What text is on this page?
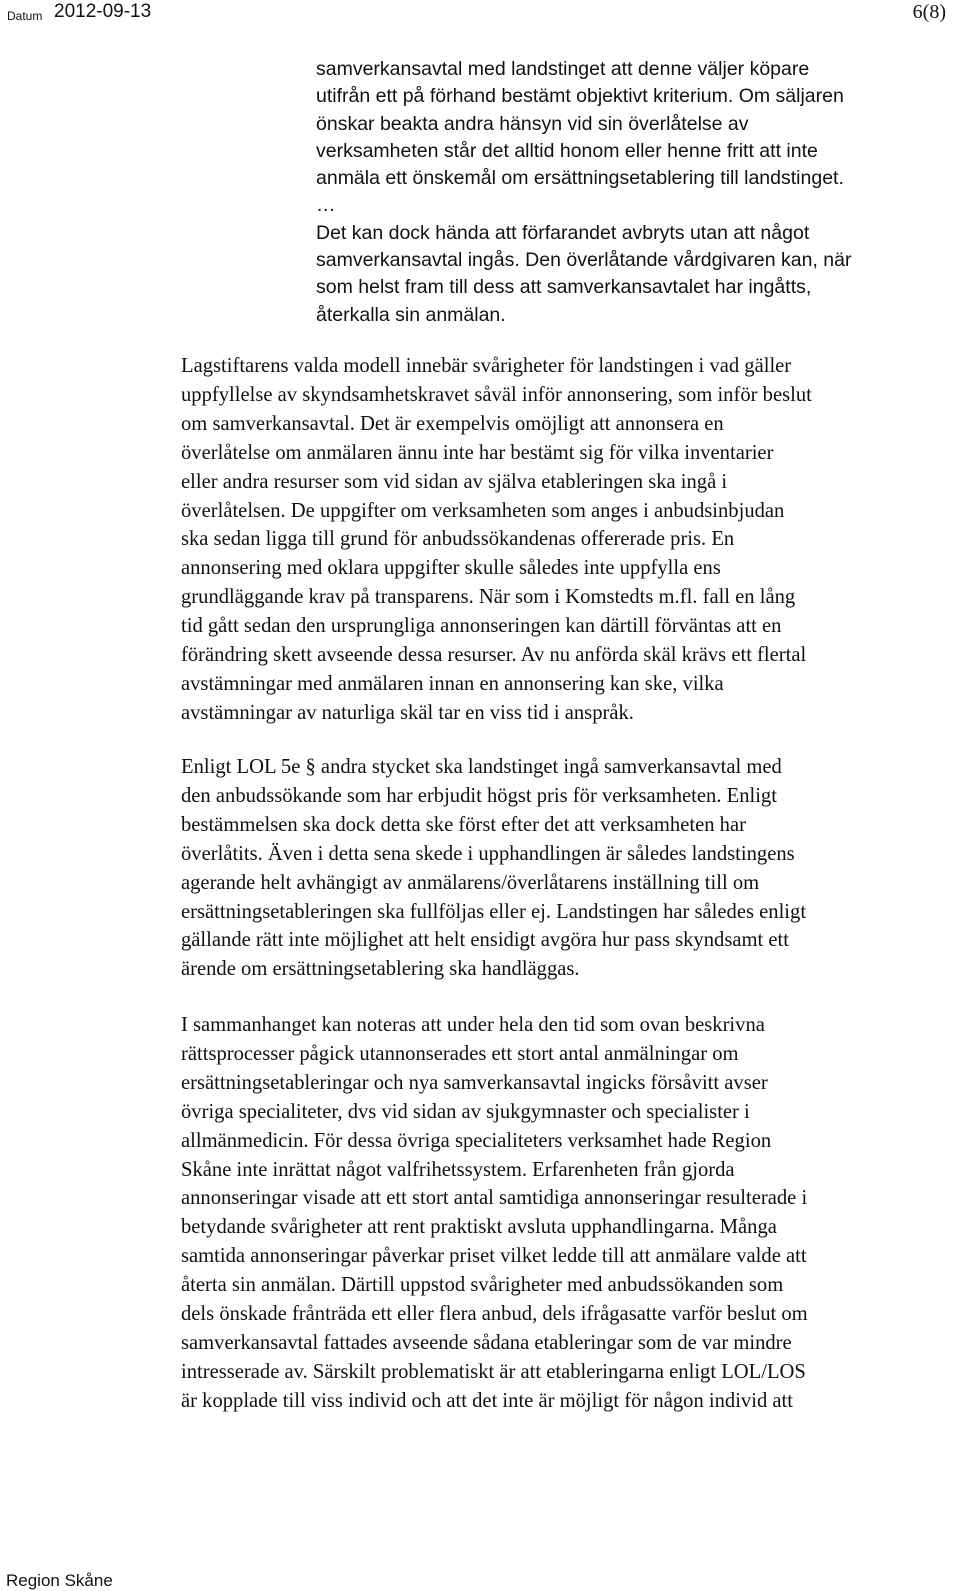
Datum 2012-09-13	6(8)
samverkansavtal med landstinget att denne väljer köpare
utifrån ett på förhand bestämt objektivt kriterium. Om säljaren
önskar beakta andra hänsyn vid sin överlåtelse av
verksamheten står det alltid honom eller henne fritt att inte
anmäla ett önskemål om ersättningsetablering till landstinget.
…
Det kan dock hända att förfarandet avbryts utan att något
samverkansavtal ingås. Den överlåtande vårdgivaren kan, när
som helst fram till dess att samverkansavtalet har ingåtts,
återkalla sin anmälan.
Lagstiftarens valda modell innebär svårigheter för landstingen i vad gäller
uppfyllelse av skyndsamhetskravet såväl inför annonsering, som inför beslut
om samverkansavtal. Det är exempelvis omöjligt att annonsera en
överlåtelse om anmälaren ännu inte har bestämt sig för vilka inventarier
eller andra resurser som vid sidan av själva etableringen ska ingå i
överlåtelsen. De uppgifter om verksamheten som anges i anbudsinbjudan
ska sedan ligga till grund för anbudssökandenas offererade pris. En
annonsering med oklara uppgifter skulle således inte uppfylla ens
grundläggande krav på transparens. När som i Komstedts m.fl. fall en lång
tid gått sedan den ursprungliga annonseringen kan därtill förväntas att en
förändring skett avseende dessa resurser. Av nu anförda skäl krävs ett flertal
avstämningar med anmälaren innan en annonsering kan ske, vilka
avstämningar av naturliga skäl tar en viss tid i anspråk.
Enligt LOL 5e § andra stycket ska landstinget ingå samverkansavtal med
den anbudssökande som har erbjudit högst pris för verksamheten. Enligt
bestämmelsen ska dock detta ske först efter det att verksamheten har
överlåtits. Även i detta sena skede i upphandlingen är således landstingens
agerande helt avhängigt av anmälarens/överlåtarens inställning till om
ersättningsetableringen ska fullföljas eller ej. Landstingen har således enligt
gällande rätt inte möjlighet att helt ensidigt avgöra hur pass skyndsamt ett
ärende om ersättningsetablering ska handläggas.
I sammanhanget kan noteras att under hela den tid som ovan beskrivna
rättsprocesser pågick utannonserades ett stort antal anmälningar om
ersättningsetableringar och nya samverkansavtal ingicks försåvitt avser
övriga specialiteter, dvs vid sidan av sjukgymnaster och specialister i
allmänmedicin. För dessa övriga specialiteters verksamhet hade Region
Skåne inte inrättat något valfrihetssystem. Erfarenheten från gjorda
annonseringar visade att ett stort antal samtidiga annonseringar resulterade i
betydande svårigheter att rent praktiskt avsluta upphandlingarna. Många
samtida annonseringar påverkar priset vilket ledde till att anmälare valde att
återta sin anmälan. Därtill uppstod svårigheter med anbudssökanden som
dels önskade frånträda ett eller flera anbud, dels ifrågasatte varför beslut om
samverkansavtal fattades avseende sådana etableringar som de var mindre
intresserade av. Särskilt problematiskt är att etableringarna enligt LOL/LOS
är kopplade till viss individ och att det inte är möjligt för någon individ att
Region Skåne
